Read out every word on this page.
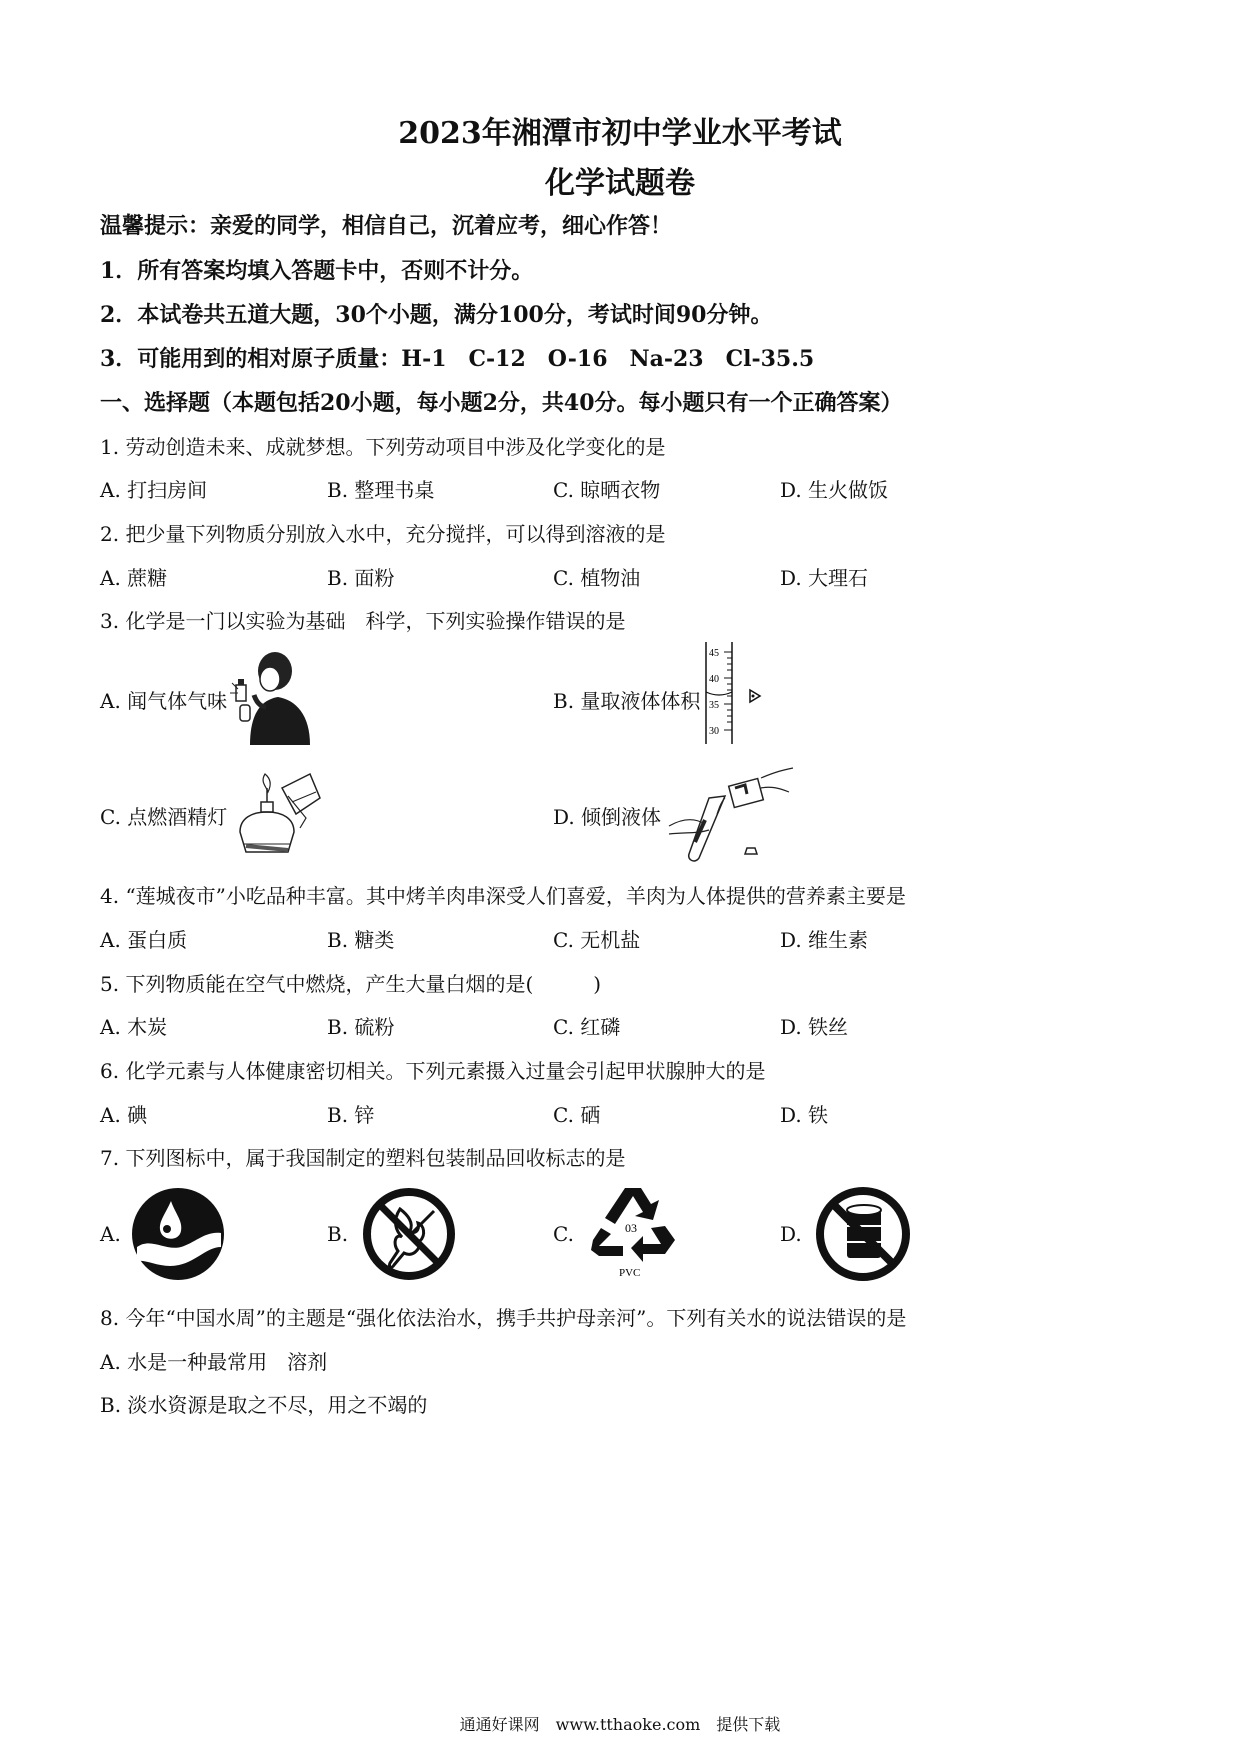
2023年湘潭市初中学业水平考试
化学试题卷
温馨提示：亲爱的同学，相信自己，沉着应考，细心作答！
1．所有答案均填入答题卡中，否则不计分。
2．本试卷共五道大题，30个小题，满分100分，考试时间90分钟。
3．可能用到的相对原子质量：H-1　C-12　O-16　Na-23　Cl-35.5
一、选择题（本题包括20小题，每小题2分，共40分。每小题只有一个正确答案）
1. 劳动创造未来、成就梦想。下列劳动项目中涉及化学变化的是
A. 打扫房间	B. 整理书桌	C. 晾晒衣物	D. 生火做饭
2. 把少量下列物质分别放入水中，充分搅拌，可以得到溶液的是
A. 蔗糖	B. 面粉	C. 植物油	D. 大理石
3. 化学是一门以实验为基础　科学，下列实验操作错误的是
A. 闻气体气味	B. 量取液体体积
C. 点燃酒精灯	D. 倾倒液体
45
40
35
30
4. “莲城夜市”小吃品种丰富。其中烤羊肉串深受人们喜爱，羊肉为人体提供的营养素主要是
A. 蛋白质	B. 糖类	C. 无机盐	D. 维生素
5. 下列物质能在空气中燃烧，产生大量白烟的是(　　　)
A. 木炭	B. 硫粉	C. 红磷	D. 铁丝
6. 化学元素与人体健康密切相关。下列元素摄入过量会引起甲状腺肿大的是
A. 碘	B. 锌	C. 硒	D. 铁
7. 下列图标中，属于我国制定的塑料包装制品回收标志的是
A.	B.	C.	D.
03
PVC
8. 今年“中国水周”的主题是“强化依法治水，携手共护母亲河”。下列有关水的说法错误的是
A. 水是一种最常用　溶剂
B. 淡水资源是取之不尽，用之不竭的
通通好课网　www.tthaoke.com　提供下载
